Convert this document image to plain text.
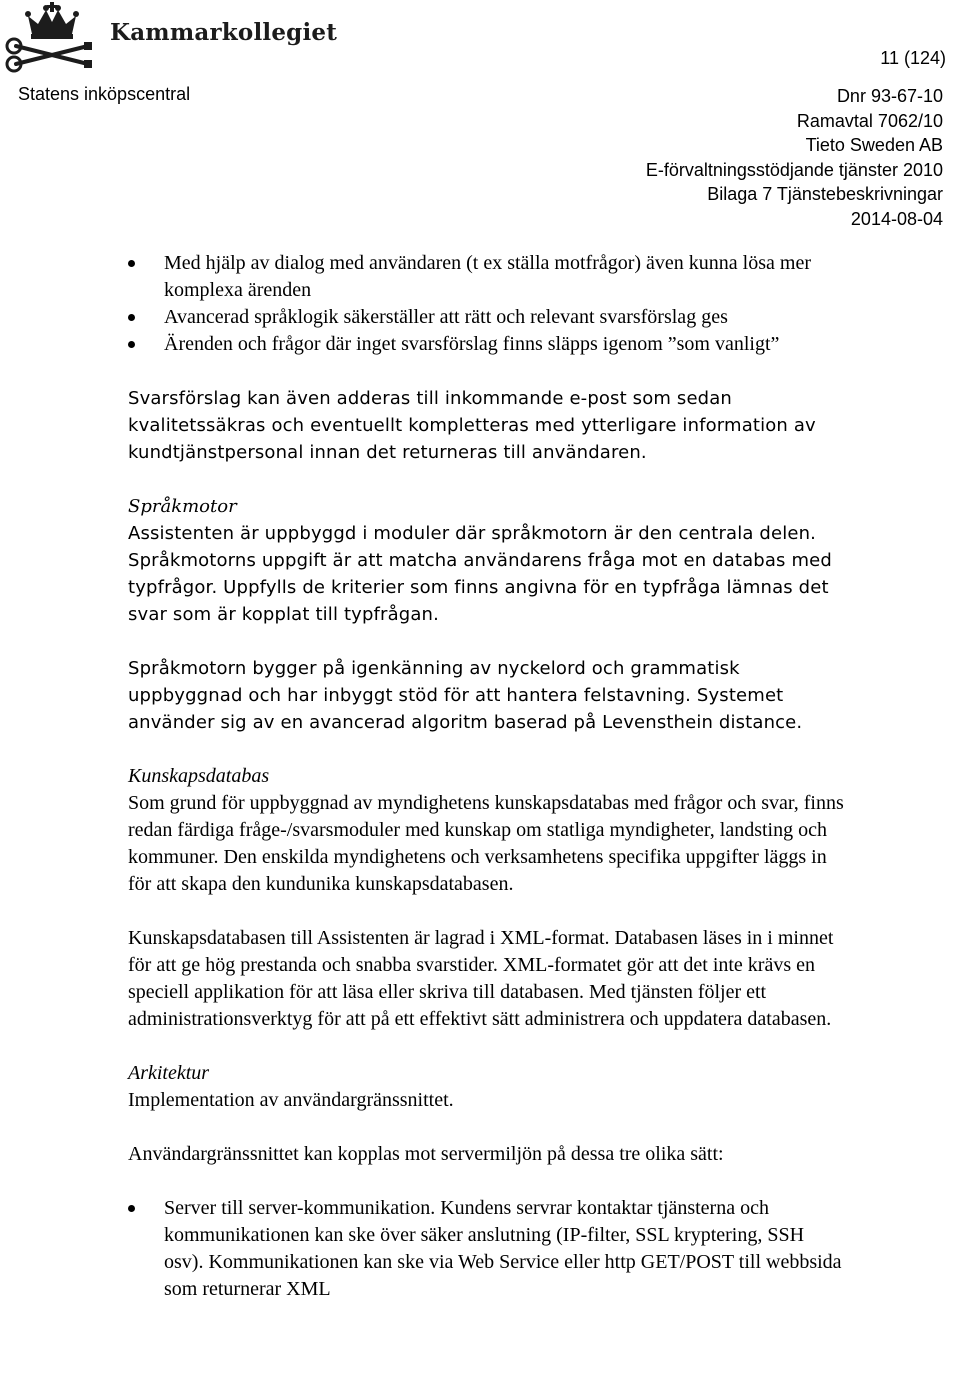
Kammarkollegiet
11 (124)
Statens inköpscentral	Dnr 93-67-10
Ramavtal 7062/10
Tieto Sweden AB
E-förvaltningsstödjande tjänster 2010
Bilaga 7 Tjänstebeskrivningar
2014-08-04
Med hjälp av dialog med användaren (t ex ställa motfrågor) även kunna lösa mer komplexa ärenden
Avancerad språklogik säkerställer att rätt och relevant svarsförslag ges
Ärenden och frågor där inget svarsförslag finns släpps igenom ”som vanligt”

Svarsförslag kan även adderas till inkommande e-post som sedan kvalitetssäkras och eventuellt kompletteras med ytterligare information av kundtjänstpersonal innan det returneras till användaren.

Språkmotor

Assistenten är uppbyggd i moduler där språkmotorn är den centrala delen. Språkmotorns uppgift är att matcha användarens fråga mot en databas med typfrågor. Uppfylls de kriterier som finns angivna för en typfråga lämnas det svar som är kopplat till typfrågan.

Språkmotorn bygger på igenkänning av nyckelord och grammatisk uppbyggnad och har inbyggt stöd för att hantera felstavning. Systemet använder sig av en avancerad algoritm baserad på Levensthein distance.

Kunskapsdatabas

Som grund för uppbyggnad av myndighetens kunskapsdatabas med frågor och svar, finns redan färdiga fråge-/svarsmoduler med kunskap om statliga myndigheter, landsting och kommuner. Den enskilda myndighetens och verksamhetens specifika uppgifter läggs in för att skapa den kundunika kunskapsdatabasen.

Kunskapsdatabasen till Assistenten är lagrad i XML-format. Databasen läses in i minnet för att ge hög prestanda och snabba svarstider. XML-formatet gör att det inte krävs en speciell applikation för att läsa eller skriva till databasen. Med tjänsten följer ett administrationsverktyg för att på ett effektivt sätt administrera och uppdatera databasen.

Arkitektur

Implementation av användargränssnittet.

Användargränssnittet kan kopplas mot servermiljön på dessa tre olika sätt:

Server till server-kommunikation. Kundens servrar kontaktar tjänsterna och kommunikationen kan ske över säker anslutning (IP-filter, SSL kryptering, SSH osv). Kommunikationen kan ske via Web Service eller http GET/POST till webbsida som returnerar XML
